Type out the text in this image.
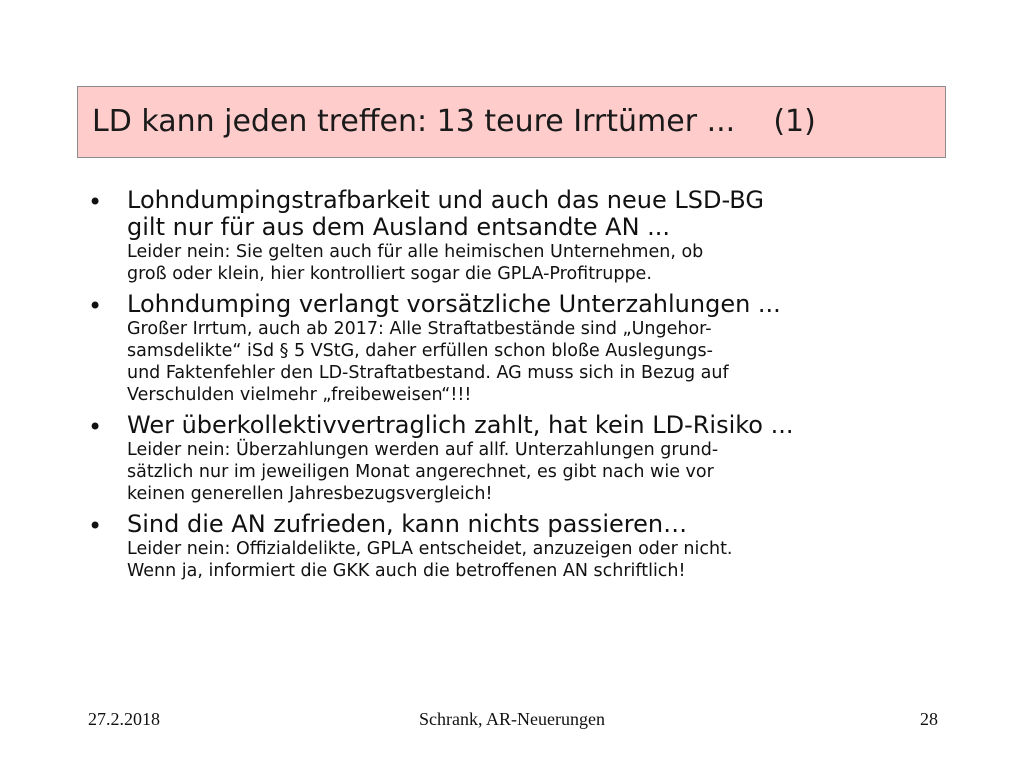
LD kann jeden treffen: 13 teure Irrtümer ...    (1)
• Lohndumpingstrafbarkeit und auch das neue LSD-BG
gilt nur für aus dem Ausland entsandte AN ...
Leider nein: Sie gelten auch für alle heimischen Unternehmen, ob
groß oder klein, hier kontrolliert sogar die GPLA-Profitruppe.
• Lohndumping verlangt vorsätzliche Unterzahlungen ...
Großer Irrtum, auch ab 2017: Alle Straftatbestände sind „Ungehor-
samsdelikte“ iSd § 5 VStG, daher erfüllen schon bloße Auslegungs-
und Faktenfehler den LD-Straftatbestand. AG muss sich in Bezug auf
Verschulden vielmehr „freibeweisen“!!!
• Wer überkollektivvertraglich zahlt, hat kein LD-Risiko ...
Leider nein: Überzahlungen werden auf allf. Unterzahlungen grund-
sätzlich nur im jeweiligen Monat angerechnet, es gibt nach wie vor
keinen generellen Jahresbezugsvergleich!
• Sind die AN zufrieden, kann nichts passieren…
Leider nein: Offizialdelikte, GPLA entscheidet, anzuzeigen oder nicht.
Wenn ja, informiert die GKK auch die betroffenen AN schriftlich!
27.2.2018	Schrank, AR-Neuerungen	28
